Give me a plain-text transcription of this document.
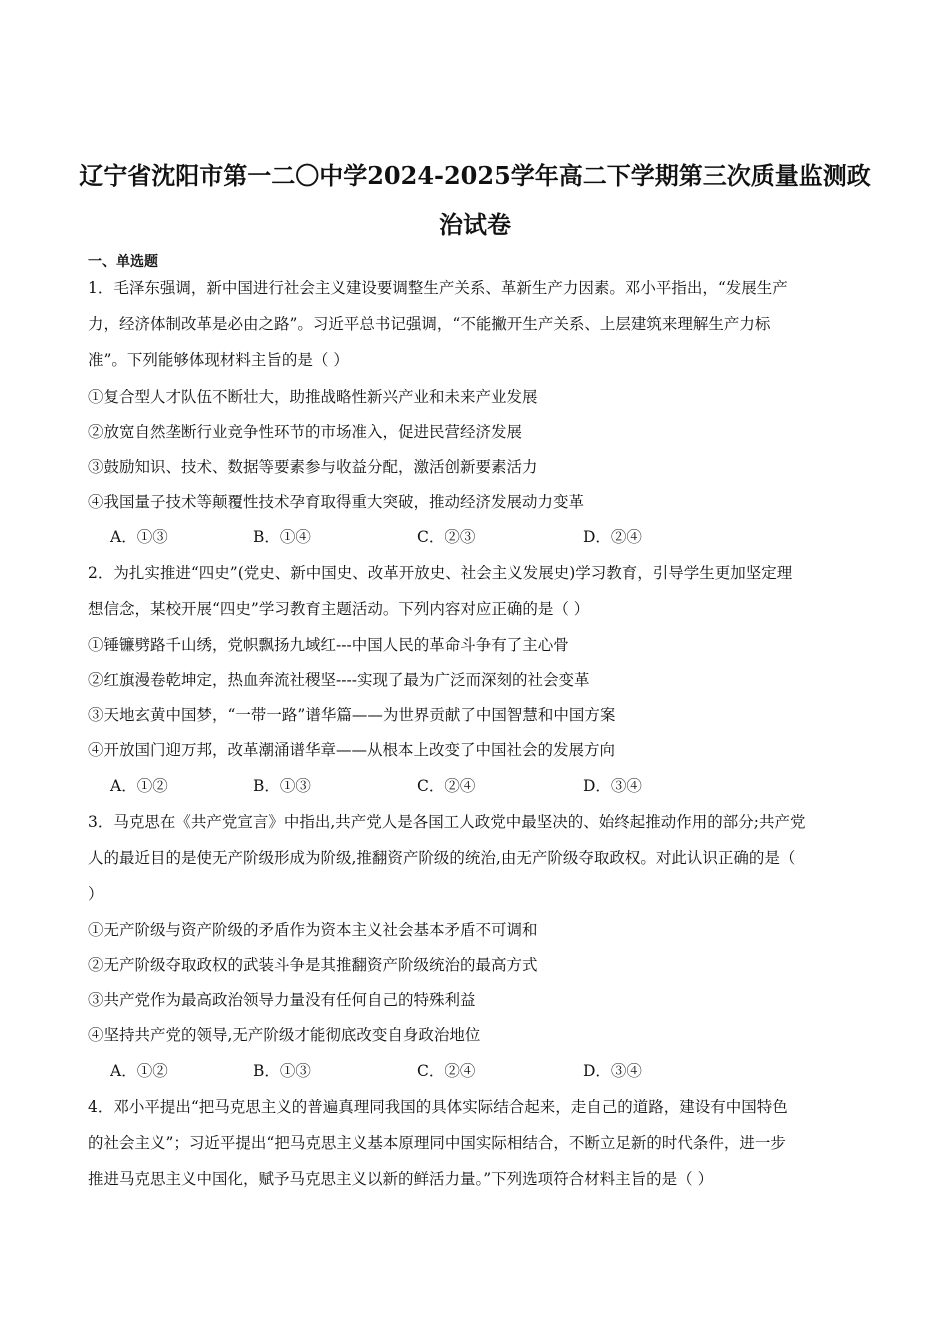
辽宁省沈阳市第一二〇中学2024-2025学年高二下学期第三次质量监测政
治试卷
一、单选题
1．毛泽东强调，新中国进行社会主义建设要调整生产关系、革新生产力因素。邓小平指出，“发展生产
力，经济体制改革是必由之路”。习近平总书记强调，“不能撇开生产关系、上层建筑来理解生产力标
准”。下列能够体现材料主旨的是（ ）
①复合型人才队伍不断壮大，助推战略性新兴产业和未来产业发展
②放宽自然垄断行业竞争性环节的市场准入，促进民营经济发展
③鼓励知识、技术、数据等要素参与收益分配，激活创新要素活力
④我国量子技术等颠覆性技术孕育取得重大突破，推动经济发展动力变革
A．①③	B．①④	C．②③	D．②④
2．为扎实推进“四史”(党史、新中国史、改革开放史、社会主义发展史)学习教育，引导学生更加坚定理
想信念，某校开展“四史”学习教育主题活动。下列内容对应正确的是（ ）
①锤镰劈路千山绣，党帜飘扬九域红---中国人民的革命斗争有了主心骨
②红旗漫卷乾坤定，热血奔流社稷坚----实现了最为广泛而深刻的社会变革
③天地玄黄中国梦，“一带一路”谱华篇——为世界贡献了中国智慧和中国方案
④开放国门迎万邦，改革潮涌谱华章——从根本上改变了中国社会的发展方向
A．①②	B．①③	C．②④	D．③④
3．马克思在《共产党宣言》中指出,共产党人是各国工人政党中最坚决的、始终起推动作用的部分;共产党
人的最近目的是使无产阶级形成为阶级,推翻资产阶级的统治,由无产阶级夺取政权。对此认识正确的是（
）
①无产阶级与资产阶级的矛盾作为资本主义社会基本矛盾不可调和
②无产阶级夺取政权的武装斗争是其推翻资产阶级统治的最高方式
③共产党作为最高政治领导力量没有任何自己的特殊利益
④坚持共产党的领导,无产阶级才能彻底改变自身政治地位
A．①②	B．①③	C．②④	D．③④
4．邓小平提出“把马克思主义的普遍真理同我国的具体实际结合起来，走自己的道路，建设有中国特色
的社会主义”；习近平提出“把马克思主义基本原理同中国实际相结合，不断立足新的时代条件，进一步
推进马克思主义中国化，赋予马克思主义以新的鲜活力量。”下列选项符合材料主旨的是（ ）
